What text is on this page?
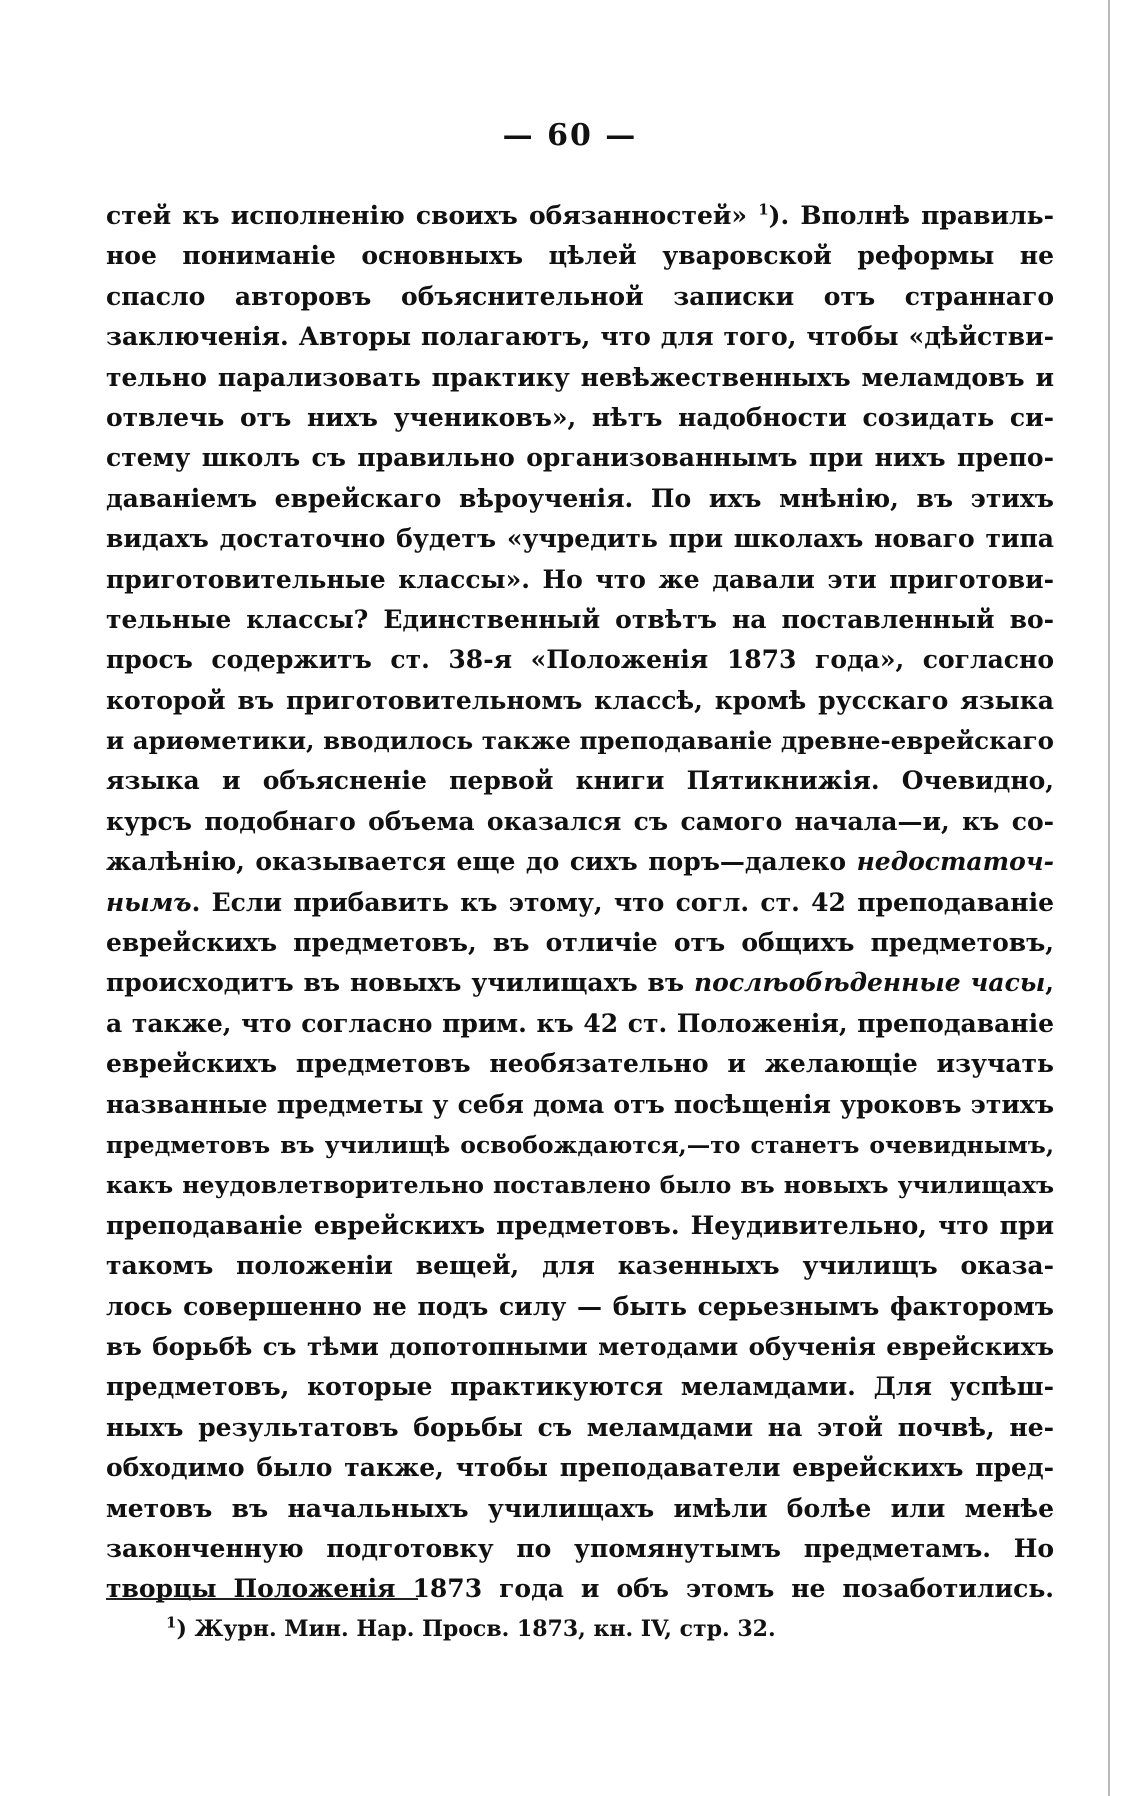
— 60 —
стей къ исполненію своихъ обязанностей» $^1$). Вполнѣ правиль-
ное пониманіе основныхъ цѣлей уваровской реформы не
спасло авторовъ объяснительной записки отъ страннаго
заключенія. Авторы полагаютъ, что для того, чтобы «дѣйстви-
тельно парализовать практику невѣжественныхъ меламдовъ и
отвлечь отъ нихъ учениковъ», нѣтъ надобности созидать си-
стему школъ съ правильно организованнымъ при нихъ препо-
даваніемъ еврейскаго вѣроученія. По ихъ мнѣнію, въ этихъ
видахъ достаточно будетъ «учредить при школахъ новаго типа
приготовительные классы». Но что же давали эти приготови-
тельные классы? Единственный отвѣтъ на поставленный во-
просъ содержитъ ст. 38-я «Положенія 1873 года», согласно
которой въ приготовительномъ классѣ, кромѣ русскаго языка
и ариѳметики, вводилось также преподаваніе древне-еврейскаго
языка и объясненіе первой книги Пятикнижія. Очевидно,
курсъ подобнаго объема оказался съ самого начала—и, къ со-
жалѣнію, оказывается еще до сихъ поръ—далеко недостаточ-
нымъ. Если прибавить къ этому, что согл. ст. 42 преподаваніе
еврейскихъ предметовъ, въ отличіе отъ общихъ предметовъ,
происходитъ въ новыхъ училищахъ въ послѣобѣденные часы,
а также, что согласно прим. къ 42 ст. Положенія, преподаваніе
еврейскихъ предметовъ необязательно и желающіе изучать
названные предметы у себя дома отъ посѣщенія уроковъ этихъ
предметовъ въ училищѣ освобождаются,—то станетъ очевиднымъ,
какъ неудовлетворительно поставлено было въ новыхъ училищахъ
преподаваніе еврейскихъ предметовъ. Неудивительно, что при
такомъ положеніи вещей, для казенныхъ училищъ оказа-
лось совершенно не подъ силу — быть серьезнымъ факторомъ
въ борьбѣ съ тѣми допотопными методами обученія еврейскихъ
предметовъ, которые практикуются меламдами. Для успѣш-
ныхъ результатовъ борьбы съ меламдами на этой почвѣ, не-
обходимо было также, чтобы преподаватели еврейскихъ пред-
метовъ въ начальныхъ училищахъ имѣли болѣе или менѣе
законченную подготовку по упомянутымъ предметамъ. Но
творцы Положенія 1873 года и объ этомъ не позаботились.
$^1$) Журн. Мин. Нар. Просв. 1873, кн. IV, стр. 32.
